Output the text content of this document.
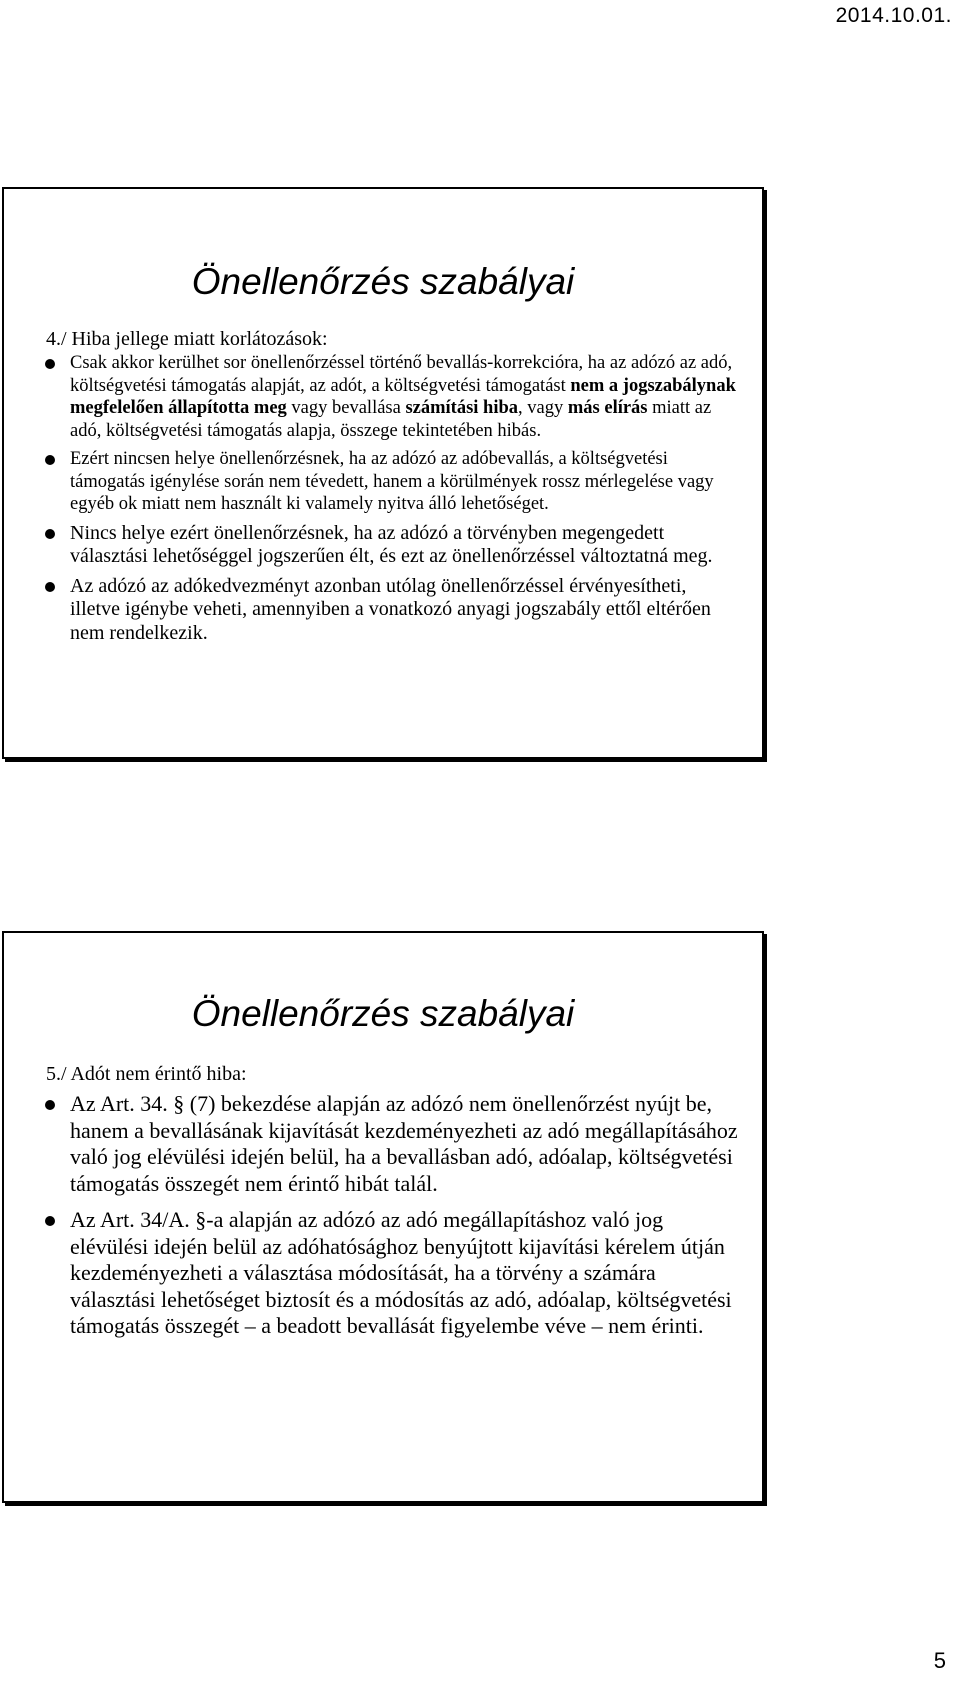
2014.10.01.
Önellenőrzés szabályai

4./ Hiba jellege miatt korlátozások:

Csak akkor kerülhet sor önellenőrzéssel történő bevallás-korrekcióra, ha az adózó az adó, költségvetési támogatás alapját, az adót, a költségvetési támogatást nem a jogszabálynak megfelelően állapította meg vagy bevallása számítási hiba, vagy más elírás miatt az adó, költségvetési támogatás alapja, összege tekintetében hibás.
Ezért nincsen helye önellenőrzésnek, ha az adózó az adóbevallás, a költségvetési támogatás igénylése során nem tévedett, hanem a körülmények rossz mérlegelése vagy egyéb ok miatt nem használt ki valamely nyitva álló lehetőséget.
Nincs helye ezért önellenőrzésnek, ha az adózó a törvényben megengedett választási lehetőséggel jogszerűen élt, és ezt az önellenőrzéssel változtatná meg.
Az adózó az adókedvezményt azonban utólag önellenőrzéssel érvényesítheti, illetve igénybe veheti, amennyiben a vonatkozó anyagi jogszabály ettől eltérően nem rendelkezik.
Önellenőrzés szabályai

5./ Adót nem érintő hiba:

Az Art. 34. § (7) bekezdése alapján az adózó nem önellenőrzést nyújt be, hanem a bevallásának kijavítását kezdeményezheti az adó megállapításához való jog elévülési idején belül, ha a bevallásban adó, adóalap, költségvetési támogatás összegét nem érintő hibát talál.
Az Art. 34/A. §-a alapján az adózó az adó megállapításhoz való jog elévülési idején belül az adóhatósághoz benyújtott kijavítási kérelem útján kezdeményezheti a választása módosítását, ha a törvény a számára választási lehetőséget biztosít és a módosítás az adó, adóalap, költségvetési támogatás összegét – a beadott bevallását figyelembe véve – nem érinti.
5
